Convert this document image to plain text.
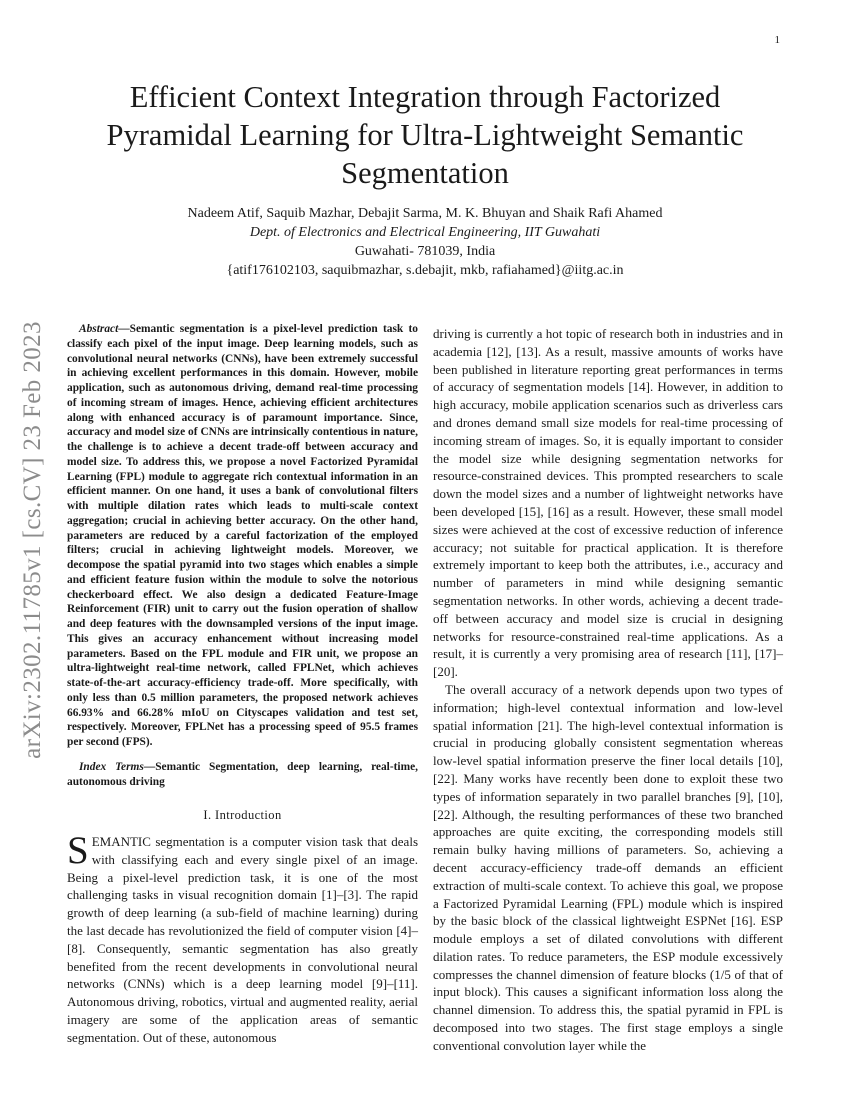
1
arXiv:2302.11785v1 [cs.CV] 23 Feb 2023
Efficient Context Integration through Factorized
Pyramidal Learning for Ultra-Lightweight Semantic
Segmentation
Nadeem Atif, Saquib Mazhar, Debajit Sarma, M. K. Bhuyan and Shaik Rafi Ahamed
Dept. of Electronics and Electrical Engineering, IIT Guwahati
Guwahati- 781039, India
{atif176102103, saquibmazhar, s.debajit, mkb, rafiahamed}@iitg.ac.in

Abstract—Semantic segmentation is a pixel-level prediction task to classify each pixel of the input image. Deep learning models, such as convolutional neural networks (CNNs), have been extremely successful in achieving excellent performances in this domain. However, mobile application, such as autonomous driving, demand real-time processing of incoming stream of images. Hence, achieving efficient architectures along with enhanced accuracy is of paramount importance. Since, accuracy and model size of CNNs are intrinsically contentious in nature, the challenge is to achieve a decent trade-off between accuracy and model size. To address this, we propose a novel Factorized Pyramidal Learning (FPL) module to aggregate rich contextual information in an efficient manner. On one hand, it uses a bank of convolutional filters with multiple dilation rates which leads to multi-scale context aggregation; crucial in achieving better accuracy. On the other hand, parameters are reduced by a careful factorization of the employed filters; crucial in achieving lightweight models. Moreover, we decompose the spatial pyramid into two stages which enables a simple and efficient feature fusion within the module to solve the notorious checkerboard effect. We also design a dedicated Feature-Image Reinforcement (FIR) unit to carry out the fusion operation of shallow and deep features with the downsampled versions of the input image. This gives an accuracy enhancement without increasing model parameters. Based on the FPL module and FIR unit, we propose an ultra-lightweight real-time network, called FPLNet, which achieves state-of-the-art accuracy-efficiency trade-off. More specifically, with only less than 0.5 million parameters, the proposed network achieves 66.93% and 66.28% mIoU on Cityscapes validation and test set, respectively. Moreover, FPLNet has a processing speed of 95.5 frames per second (FPS).

Index Terms—Semantic Segmentation, deep learning, real-time, autonomous driving

I. Introduction

SEMANTIC segmentation is a computer vision task that deals with classifying each and every single pixel of an image. Being a pixel-level prediction task, it is one of the most challenging tasks in visual recognition domain [1]–[3]. The rapid growth of deep learning (a sub-field of machine learning) during the last decade has revolutionized the field of computer vision [4]–[8]. Consequently, semantic segmentation has also greatly benefited from the recent developments in convolutional neural networks (CNNs) which is a deep learning model [9]–[11]. Autonomous driving, robotics, virtual and augmented reality, aerial imagery are some of the application areas of semantic segmentation. Out of these, autonomous

driving is currently a hot topic of research both in industries and in academia [12], [13]. As a result, massive amounts of works have been published in literature reporting great performances in terms of accuracy of segmentation models [14]. However, in addition to high accuracy, mobile application scenarios such as driverless cars and drones demand small size models for real-time processing of incoming stream of images. So, it is equally important to consider the model size while designing segmentation networks for resource-constrained devices. This prompted researchers to scale down the model sizes and a number of lightweight networks have been developed [15], [16] as a result. However, these small model sizes were achieved at the cost of excessive reduction of inference accuracy; not suitable for practical application. It is therefore extremely important to keep both the attributes, i.e., accuracy and number of parameters in mind while designing semantic segmentation networks. In other words, achieving a decent trade-off between accuracy and model size is crucial in designing networks for resource-constrained real-time applications. As a result, it is currently a very promising area of research [11], [17]–[20].

The overall accuracy of a network depends upon two types of information; high-level contextual information and low-level spatial information [21]. The high-level contextual information is crucial in producing globally consistent segmentation whereas low-level spatial information preserve the finer local details [10], [22]. Many works have recently been done to exploit these two types of information separately in two parallel branches [9], [10], [22]. Although, the resulting performances of these two branched approaches are quite exciting, the corresponding models still remain bulky having millions of parameters. So, achieving a decent accuracy-efficiency trade-off demands an efficient extraction of multi-scale context. To achieve this goal, we propose a Factorized Pyramidal Learning (FPL) module which is inspired by the basic block of the classical lightweight ESPNet [16]. ESP module employs a set of dilated convolutions with different dilation rates. To reduce parameters, the ESP module excessively compresses the channel dimension of feature blocks (1/5 of that of input block). This causes a significant information loss along the channel dimension. To address this, the spatial pyramid in FPL is decomposed into two stages. The first stage employs a single conventional convolution layer while the
